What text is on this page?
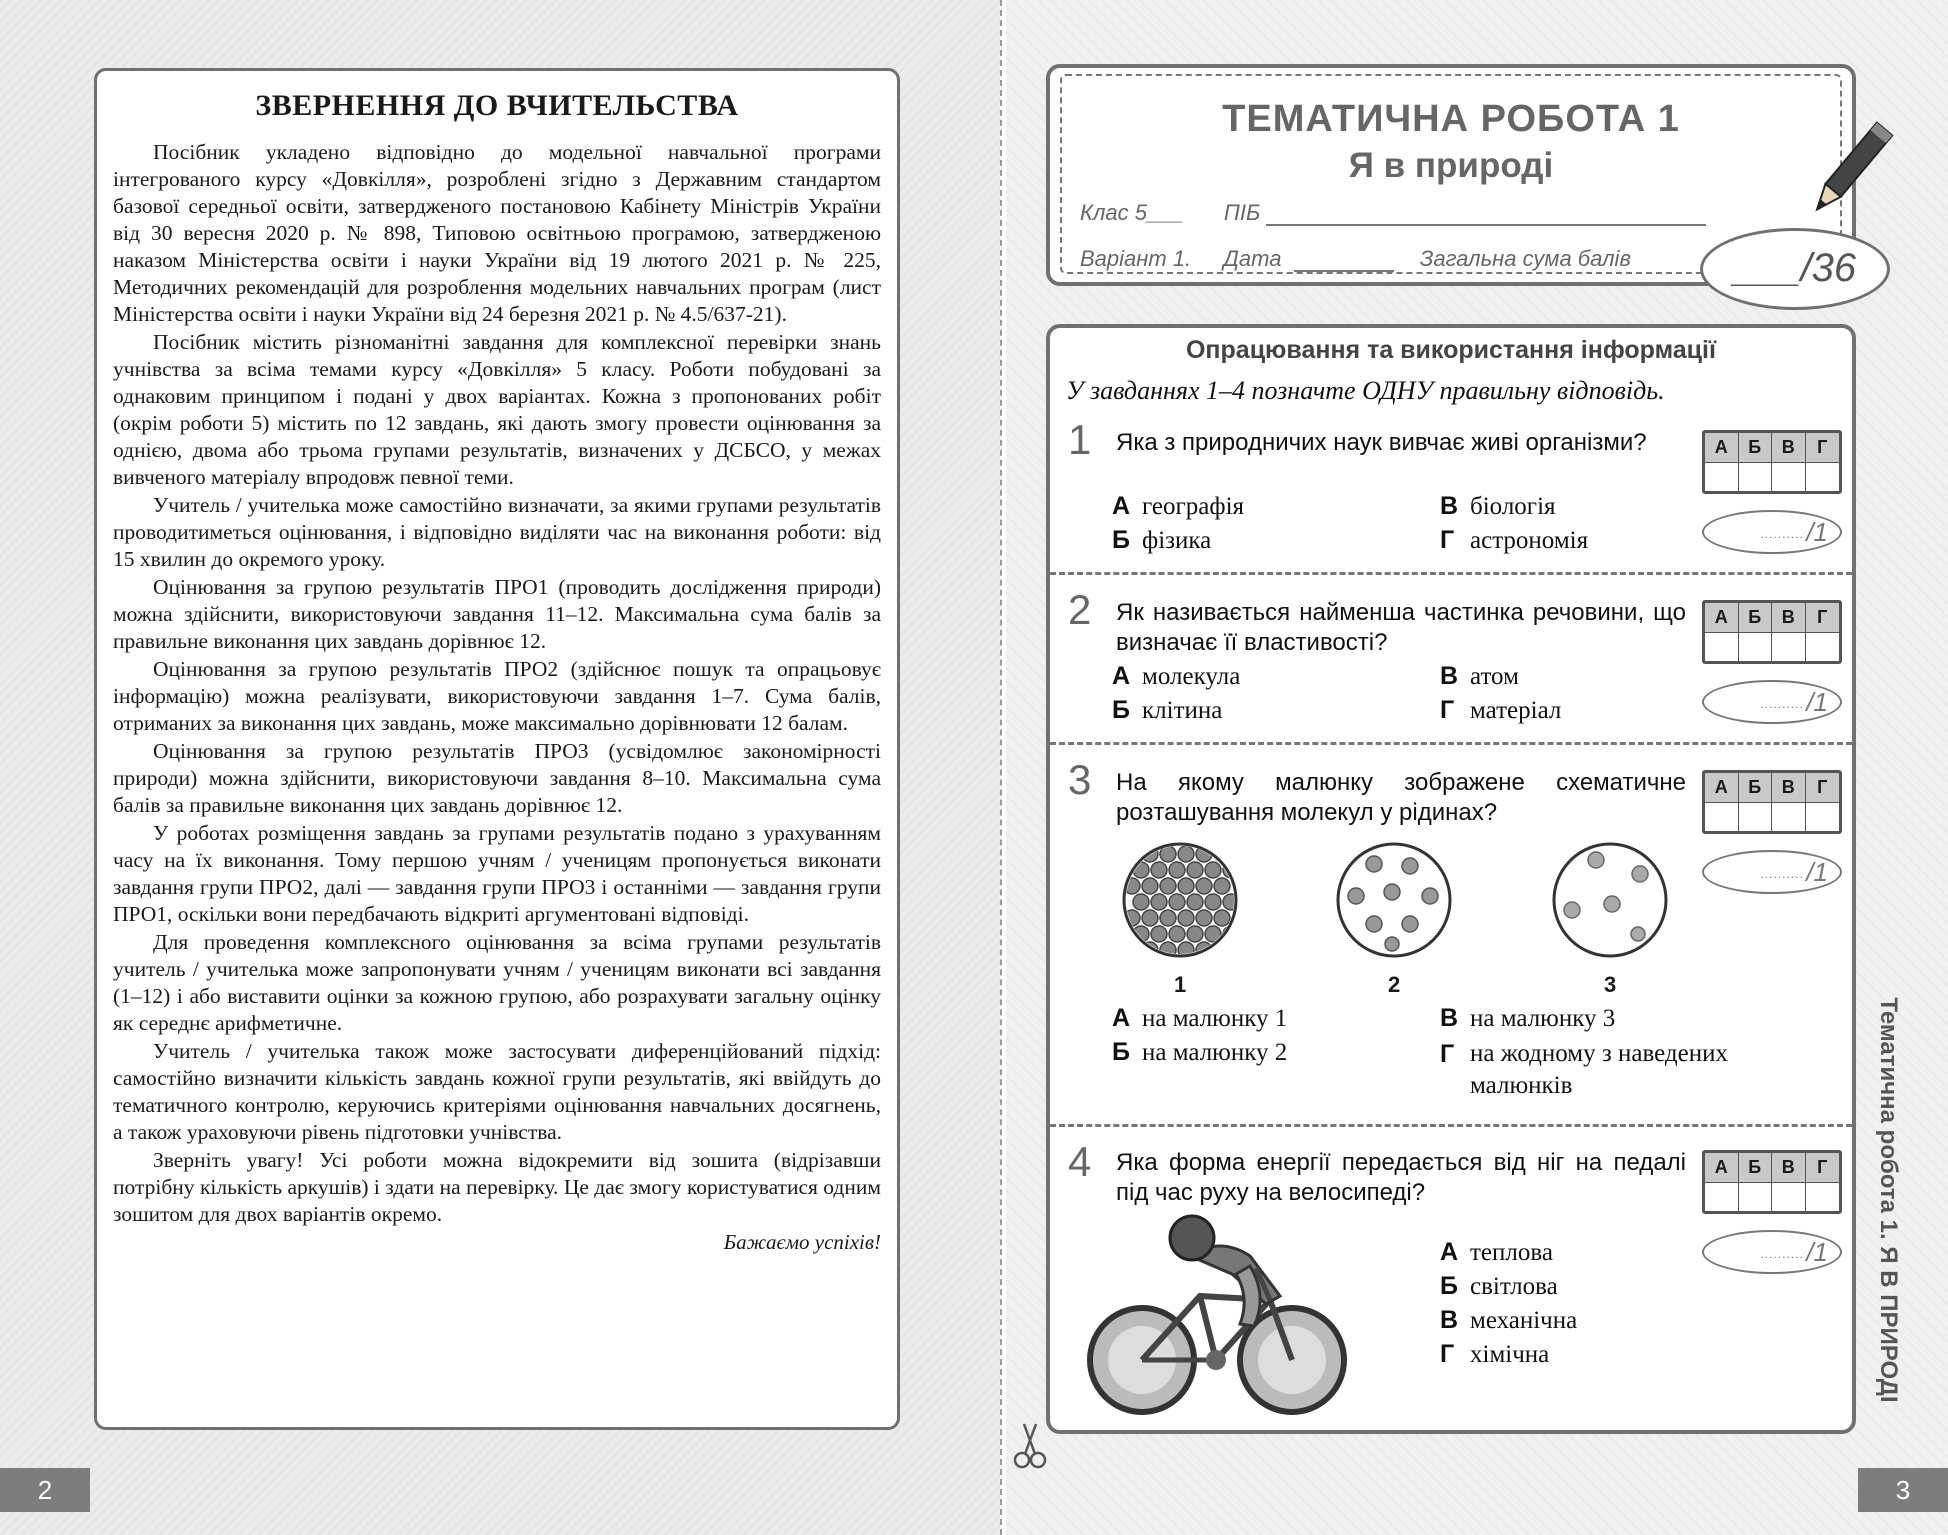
ЗВЕРНЕННЯ ДО ВЧИТЕЛЬСТВА

Посібник укладено відповідно до модельної навчальної програми інтегрованого курсу «Довкілля», розроблені згідно з Державним стандартом базової середньої освіти, затвердженого постановою Кабінету Міністрів України від 30 вересня 2020 р. № 898, Типовою освітньою програмою, затвердженою наказом Міністерства освіти і науки України від 19 лютого 2021 р. № 225, Методичних рекомендацій для розроблення модельних навчальних програм (лист Міністерства освіти і науки України від 24 березня 2021 р. № 4.5/637-21).

Посібник містить різноманітні завдання для комплексної перевірки знань учнівства за всіма темами курсу «Довкілля» 5 класу. Роботи побудовані за однаковим принципом і подані у двох варіантах. Кожна з пропонованих робіт (окрім роботи 5) містить по 12 завдань, які дають змогу провести оцінювання за однією, двома або трьома групами результатів, визначених у ДСБСО, у межах вивченого матеріалу впродовж певної теми.

Учитель / учителька може самостійно визначати, за якими групами результатів проводитиметься оцінювання, і відповідно виділяти час на виконання роботи: від 15 хвилин до окремого уроку.

Оцінювання за групою результатів ПРО1 (проводить дослідження природи) можна здійснити, використовуючи завдання 11–12. Максимальна сума балів за правильне виконання цих завдань дорівнює 12.

Оцінювання за групою результатів ПРО2 (здійснює пошук та опрацьовує інформацію) можна реалізувати, використовуючи завдання 1–7. Сума балів, отриманих за виконання цих завдань, може максимально дорівнювати 12 балам.

Оцінювання за групою результатів ПРО3 (усвідомлює закономірності природи) можна здійснити, використовуючи завдання 8–10. Максимальна сума балів за правильне виконання цих завдань дорівнює 12.

У роботах розміщення завдань за групами результатів подано з урахуванням часу на їх виконання. Тому першою учням / ученицям пропонується виконати завдання групи ПРО2, далі — завдання групи ПРО3 і останніми — завдання групи ПРО1, оскільки вони передбачають відкриті аргументовані відповіді.

Для проведення комплексного оцінювання за всіма групами результатів учитель / учителька може запропонувати учням / ученицям виконати всі завдання (1–12) і або виставити оцінки за кожною групою, або розрахувати загальну оцінку як середнє арифметичне.

Учитель / учителька також може застосувати диференційований підхід: самостійно визначити кількість завдань кожної групи результатів, які ввійдуть до тематичного контролю, керуючись критеріями оцінювання навчальних досягнень, а також ураховуючи рівень підготовки учнівства.

Зверніть увагу! Усі роботи можна відокремити від зошита (відрізавши потрібну кількість аркушів) і здати на перевірку. Це дає змогу користуватися одним зошитом для двох варіантів окремо.

Бажаємо успіхів!
2
ТЕМАТИЧНА РОБОТА 1
Я в природі
Клас 5___ ПІБ
Варіант 1. Дата	Загальна сума балів	___/36
Опрацювання та використання інформації
У завданнях 1–4 позначте ОДНУ правильну відповідь.
1 Яка з природничих наук вивчає живі організми?
А географія	В біологія
Б фізика	Г астрономія
А	Б	В	Г
........../1
2 Як називається найменша частинка речовини, що визначає її властивості?
А молекула	В атом
Б клітина	Г матеріал
А	Б	В	Г
........../1
3 На якому малюнку зображене схематичне розташування молекул у рідинах?
А	Б	В	Г
........../1
1	2	3
А на малюнку 1	В на малюнку 3
Б на малюнку 2	Г на жодному з наведених малюнків
4 Яка форма енергії передається від ніг на педалі під час руху на велосипеді?
А	Б	В	Г
........../1
А теплова
Б світлова
В механічна
Г хімічна	Тематична робота 1. Я В ПРИРОДІ
3
